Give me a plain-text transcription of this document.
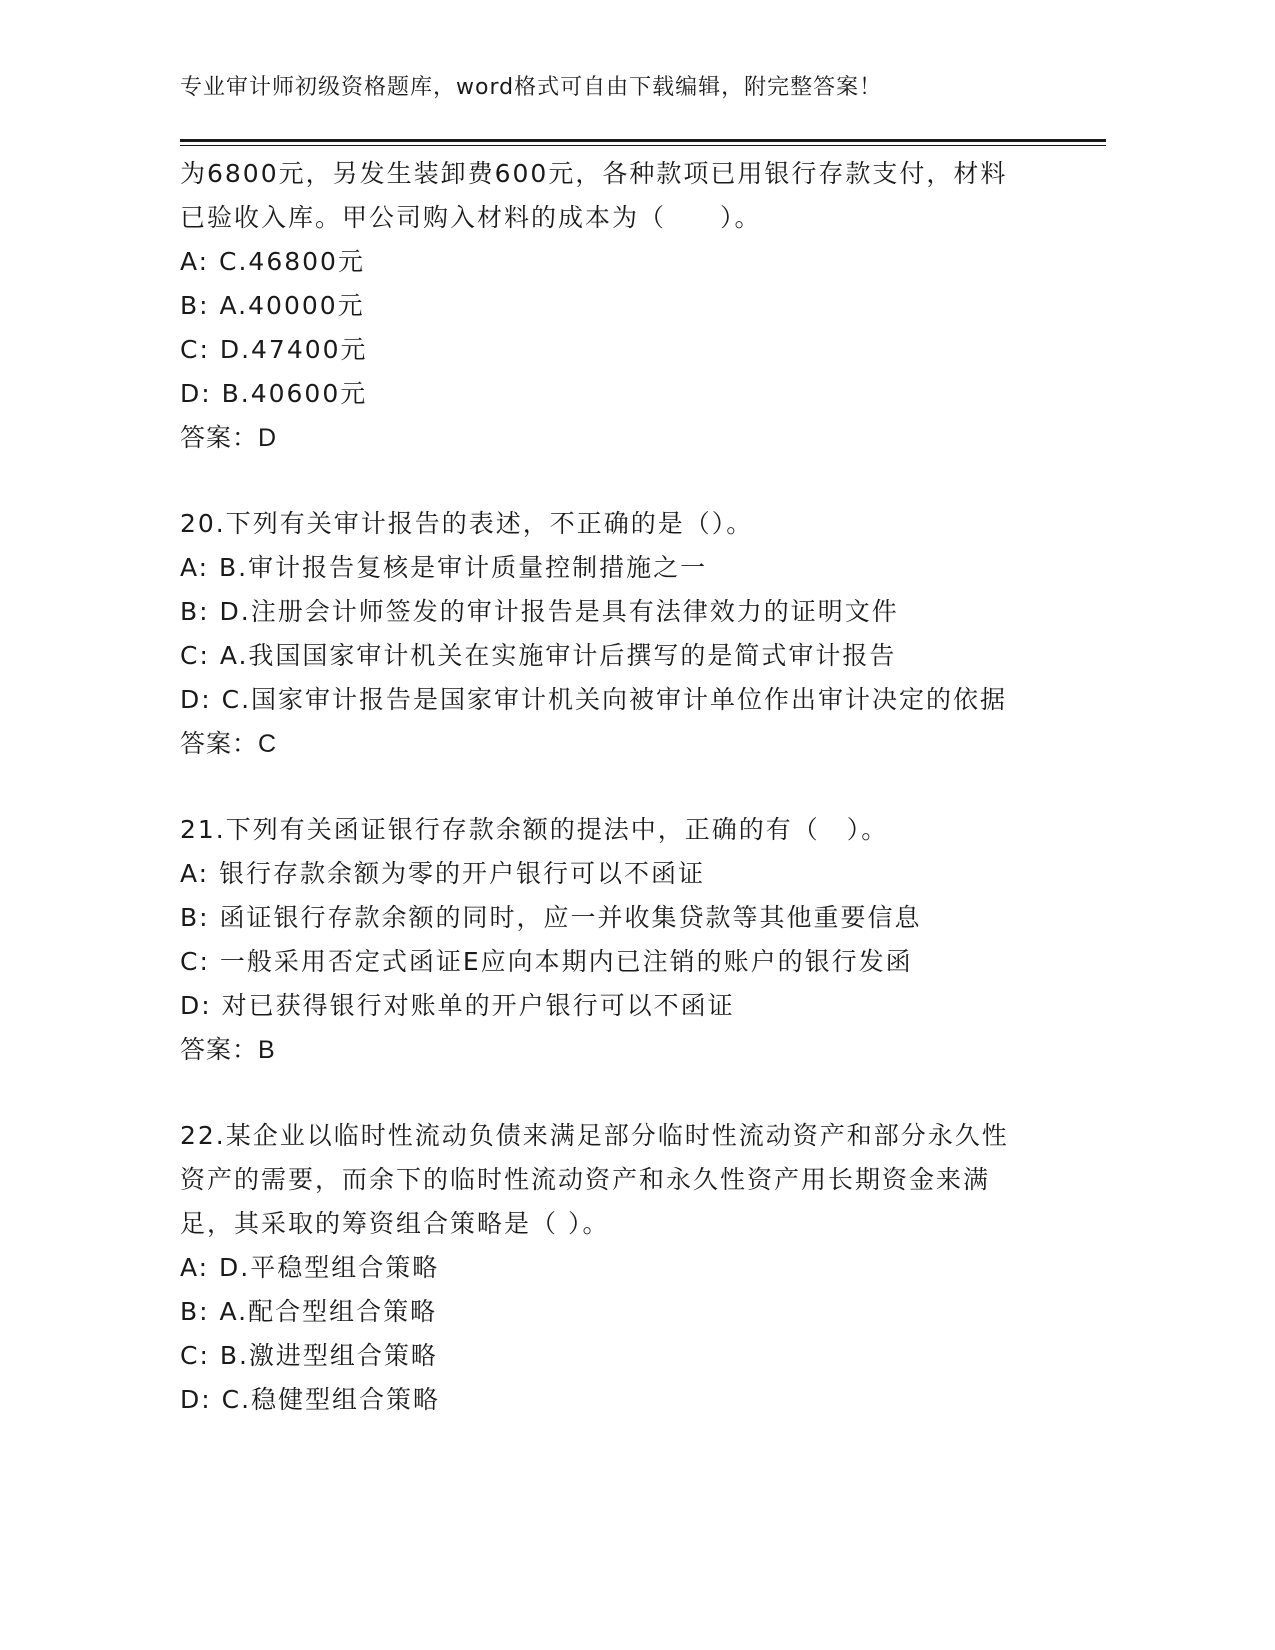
专业审计师初级资格题库，word格式可自由下载编辑，附完整答案！
为6800元，另发生装卸费600元，各种款项已用银行存款支付，材料
已验收入库。甲公司购入材料的成本为（　　）。
A: C.46800元
B: A.40000元
C: D.47400元
D: B.40600元
答案：D
20.下列有关审计报告的表述，不正确的是（）。
A: B.审计报告复核是审计质量控制措施之一
B: D.注册会计师签发的审计报告是具有法律效力的证明文件
C: A.我国国家审计机关在实施审计后撰写的是简式审计报告
D: C.国家审计报告是国家审计机关向被审计单位作出审计决定的依据
答案：C
21.下列有关函证银行存款余额的提法中，正确的有（　）。
A: 银行存款余额为零的开户银行可以不函证
B: 函证银行存款余额的同时，应一并收集贷款等其他重要信息
C: 一般采用否定式函证E应向本期内已注销的账户的银行发函
D: 对已获得银行对账单的开户银行可以不函证
答案：B
22.某企业以临时性流动负债来满足部分临时性流动资产和部分永久性
资产的需要，而余下的临时性流动资产和永久性资产用长期资金来满
足，其采取的筹资组合策略是（ ）。
A: D.平稳型组合策略
B: A.配合型组合策略
C: B.激进型组合策略
D: C.稳健型组合策略
